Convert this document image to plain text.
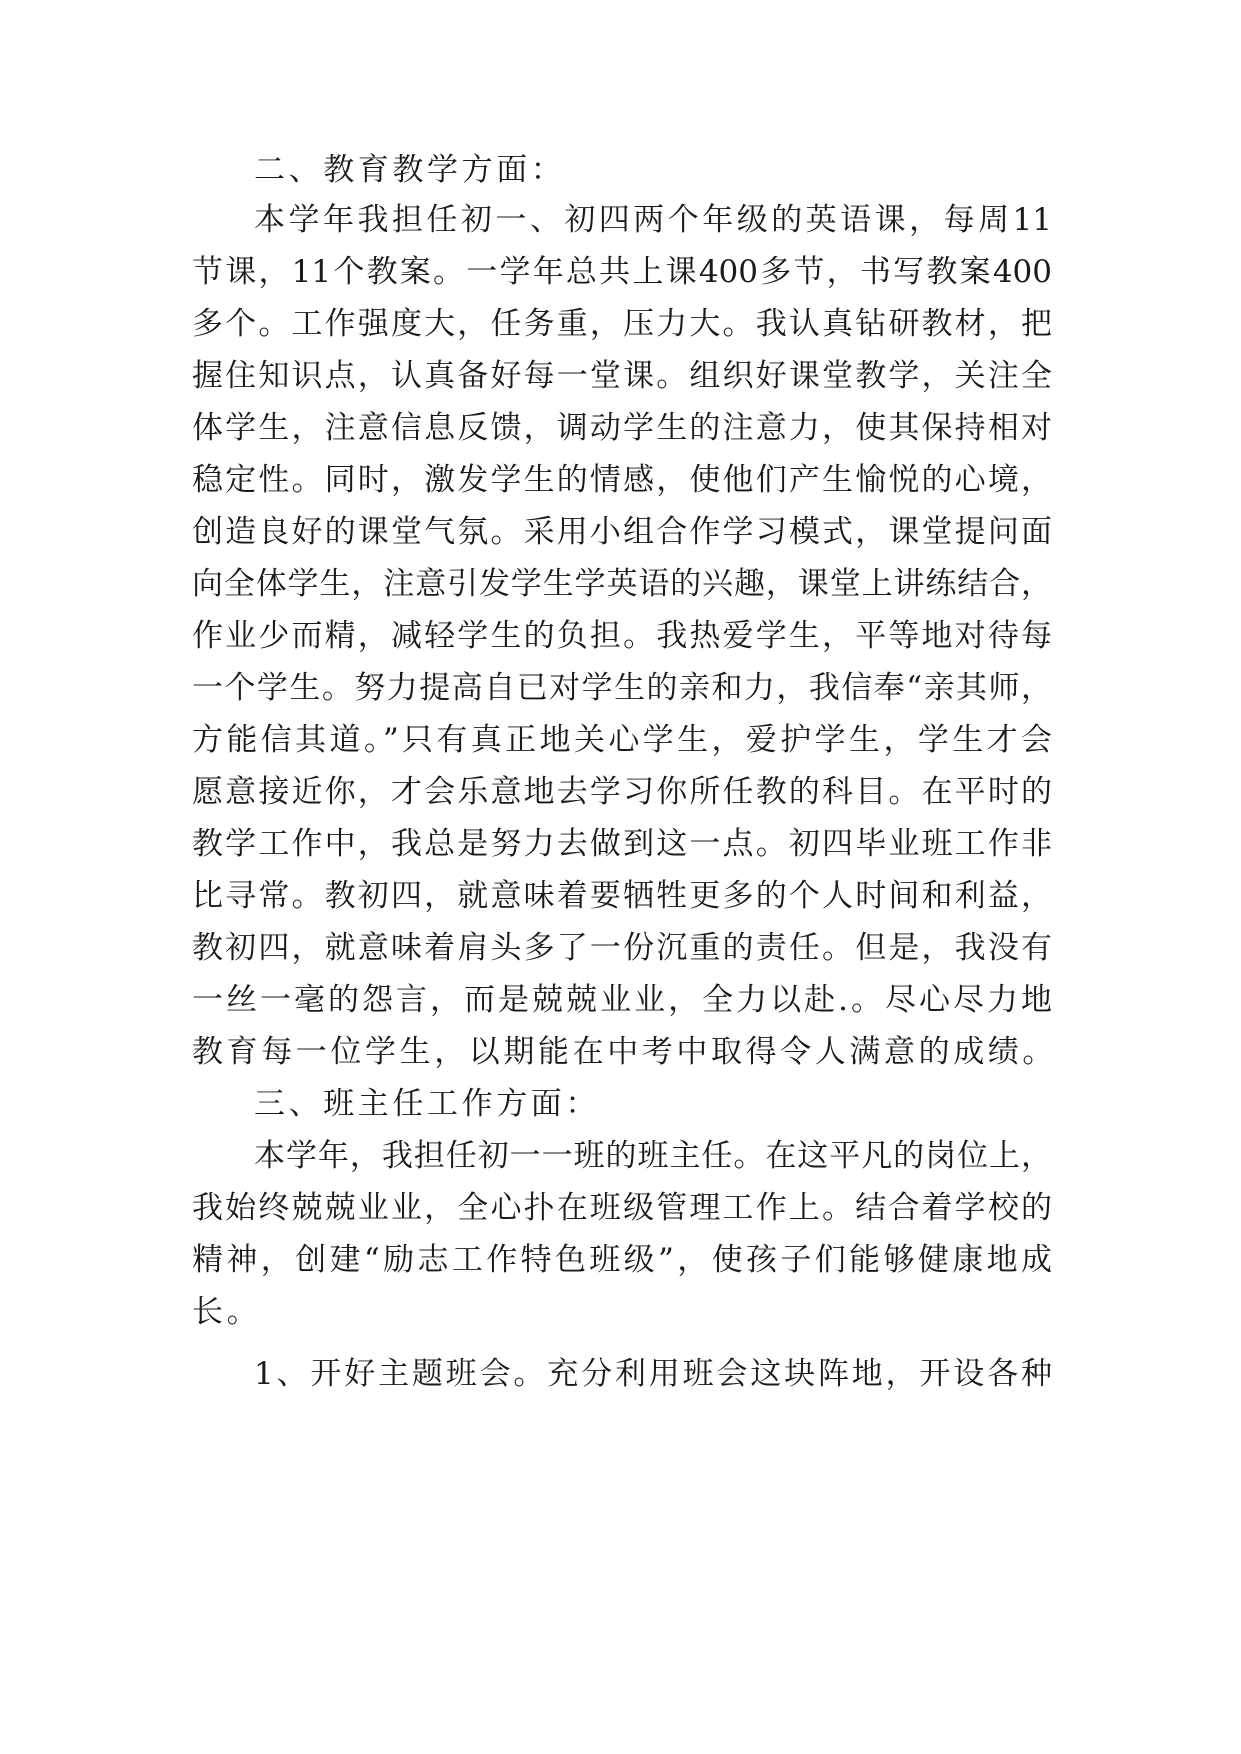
二、教育教学方面：

本学年我担任初一、初四两个年级的英语课，每周11

节课，11个教案。一学年总共上课400多节，书写教案400

多个。工作强度大，任务重，压力大。我认真钻研教材，把

握住知识点，认真备好每一堂课。组织好课堂教学，关注全

体学生，注意信息反馈，调动学生的注意力，使其保持相对

稳定性。同时，激发学生的情感，使他们产生愉悦的心境，

创造良好的课堂气氛。采用小组合作学习模式，课堂提问面

向全体学生，注意引发学生学英语的兴趣，课堂上讲练结合，

作业少而精，减轻学生的负担。我热爱学生，平等地对待每

一个学生。努力提高自已对学生的亲和力，我信奉“亲其师，

方能信其道。”只有真正地关心学生，爱护学生，学生才会

愿意接近你，才会乐意地去学习你所任教的科目。在平时的

教学工作中，我总是努力去做到这一点。初四毕业班工作非

比寻常。教初四，就意味着要牺牲更多的个人时间和利益，

教初四，就意味着肩头多了一份沉重的责任。但是，我没有

一丝一毫的怨言，而是兢兢业业，全力以赴.。尽心尽力地

教育每一位学生，以期能在中考中取得令人满意的成绩。

三、班主任工作方面：

本学年，我担任初一一班的班主任。在这平凡的岗位上，

我始终兢兢业业，全心扑在班级管理工作上。结合着学校的

精神，创建“励志工作特色班级”，使孩子们能够健康地成

长。

1、开好主题班会。充分利用班会这块阵地，开设各种
